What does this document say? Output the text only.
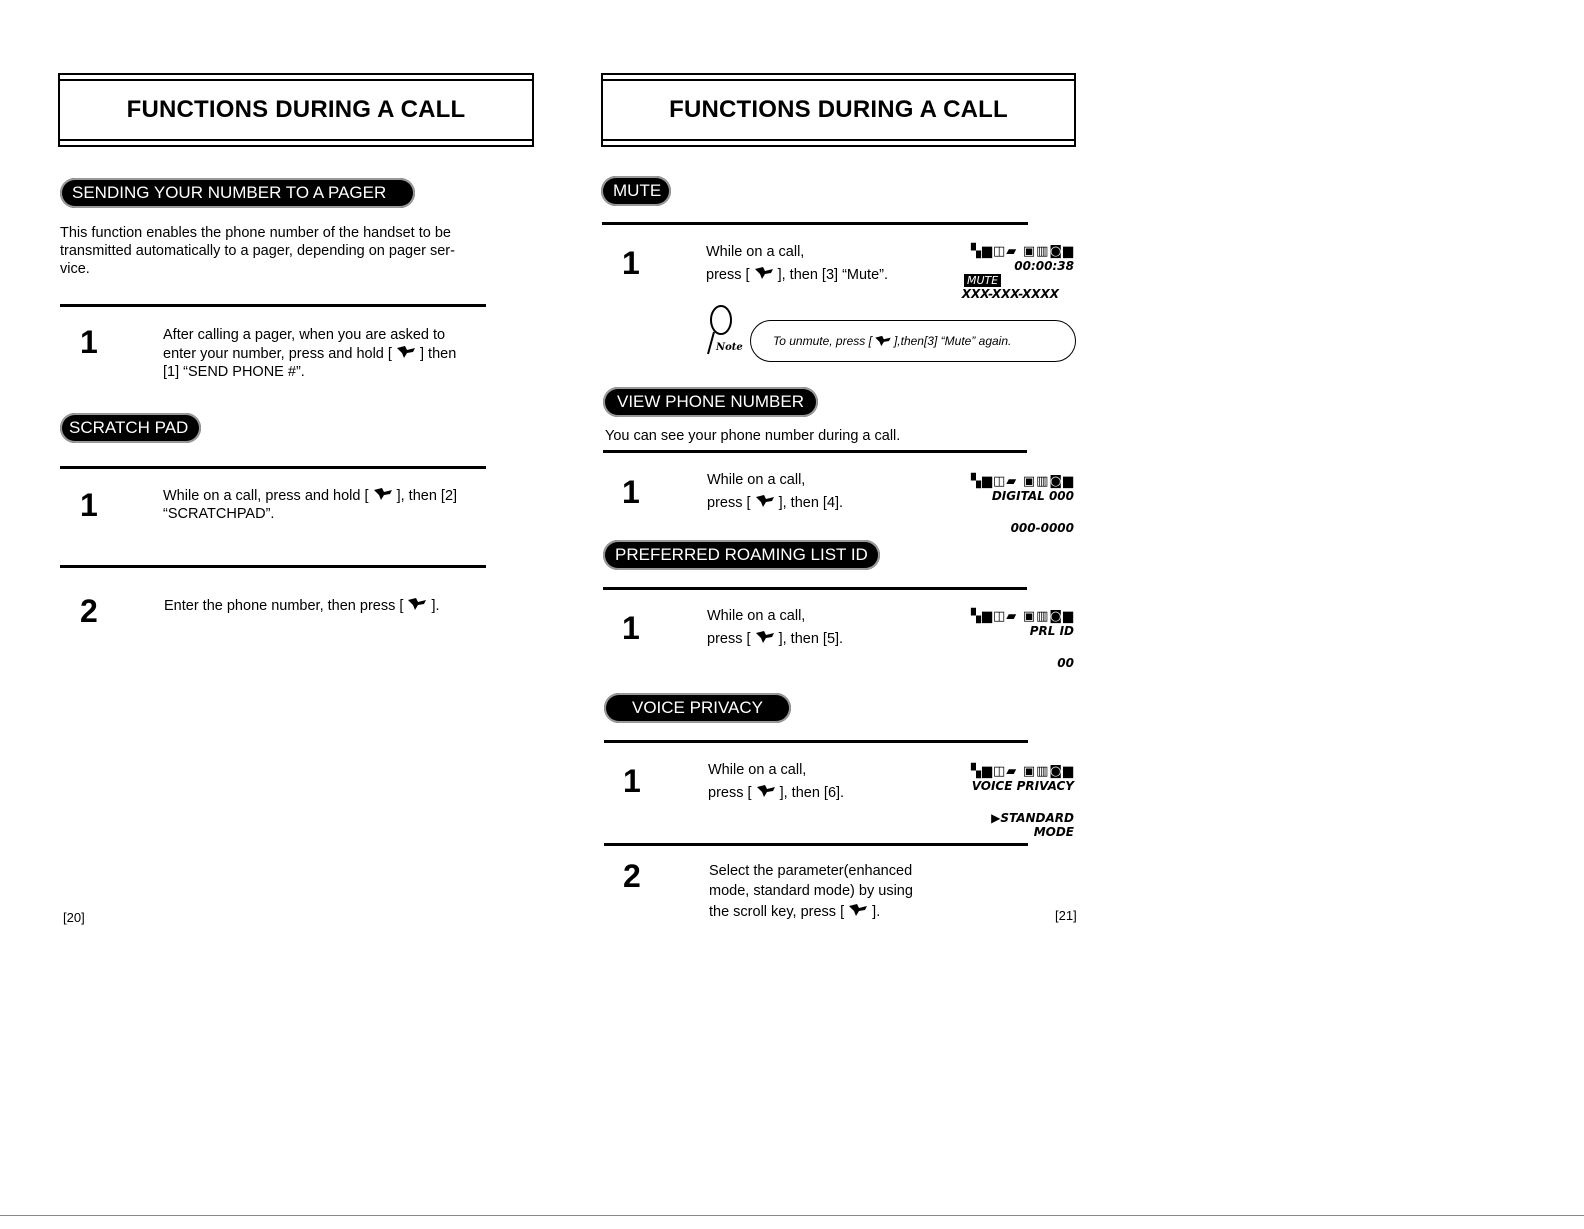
FUNCTIONS DURING A CALL
SENDING YOUR NUMBER TO A PAGER
This function enables the phone number of the handset to be
transmitted automatically to a pager, depending on pager ser-
vice.
1	After calling a pager, when you are asked to
enter your number, press and hold [ ] then
[1] “SEND PHONE #”.
SCRATCH PAD
1	While on a call, press and hold [ ], then [2]
“SCRATCHPAD”.
2	Enter the phone number, then press [ ].
[20]
FUNCTIONS DURING A CALL
MUTE
1	While on a call,
press [ ], then [3] “Mute”.
▚▆◫▰ ▣▥◙▆
00:00:38
MUTE
XXX-XXX-XXXX
Note	To unmute, press [ ],then[3] “Mute” again.
VIEW PHONE NUMBER
You can see your phone number during a call.
1	While on a call,
press [ ], then [4].
▚▆◫▰ ▣▥◙▆
DIGITAL 000
000-0000
PREFERRED ROAMING LIST ID
1	While on a call,
press [ ], then [5].
▚▆◫▰ ▣▥◙▆
PRL ID
00
VOICE PRIVACY
1	While on a call,
press [ ], then [6].
▚▆◫▰ ▣▥◙▆
VOICE PRIVACY
▶STANDARD MODE
2	Select the parameter(enhanced
mode, standard mode) by using
the scroll key, press [ ].	[21]
